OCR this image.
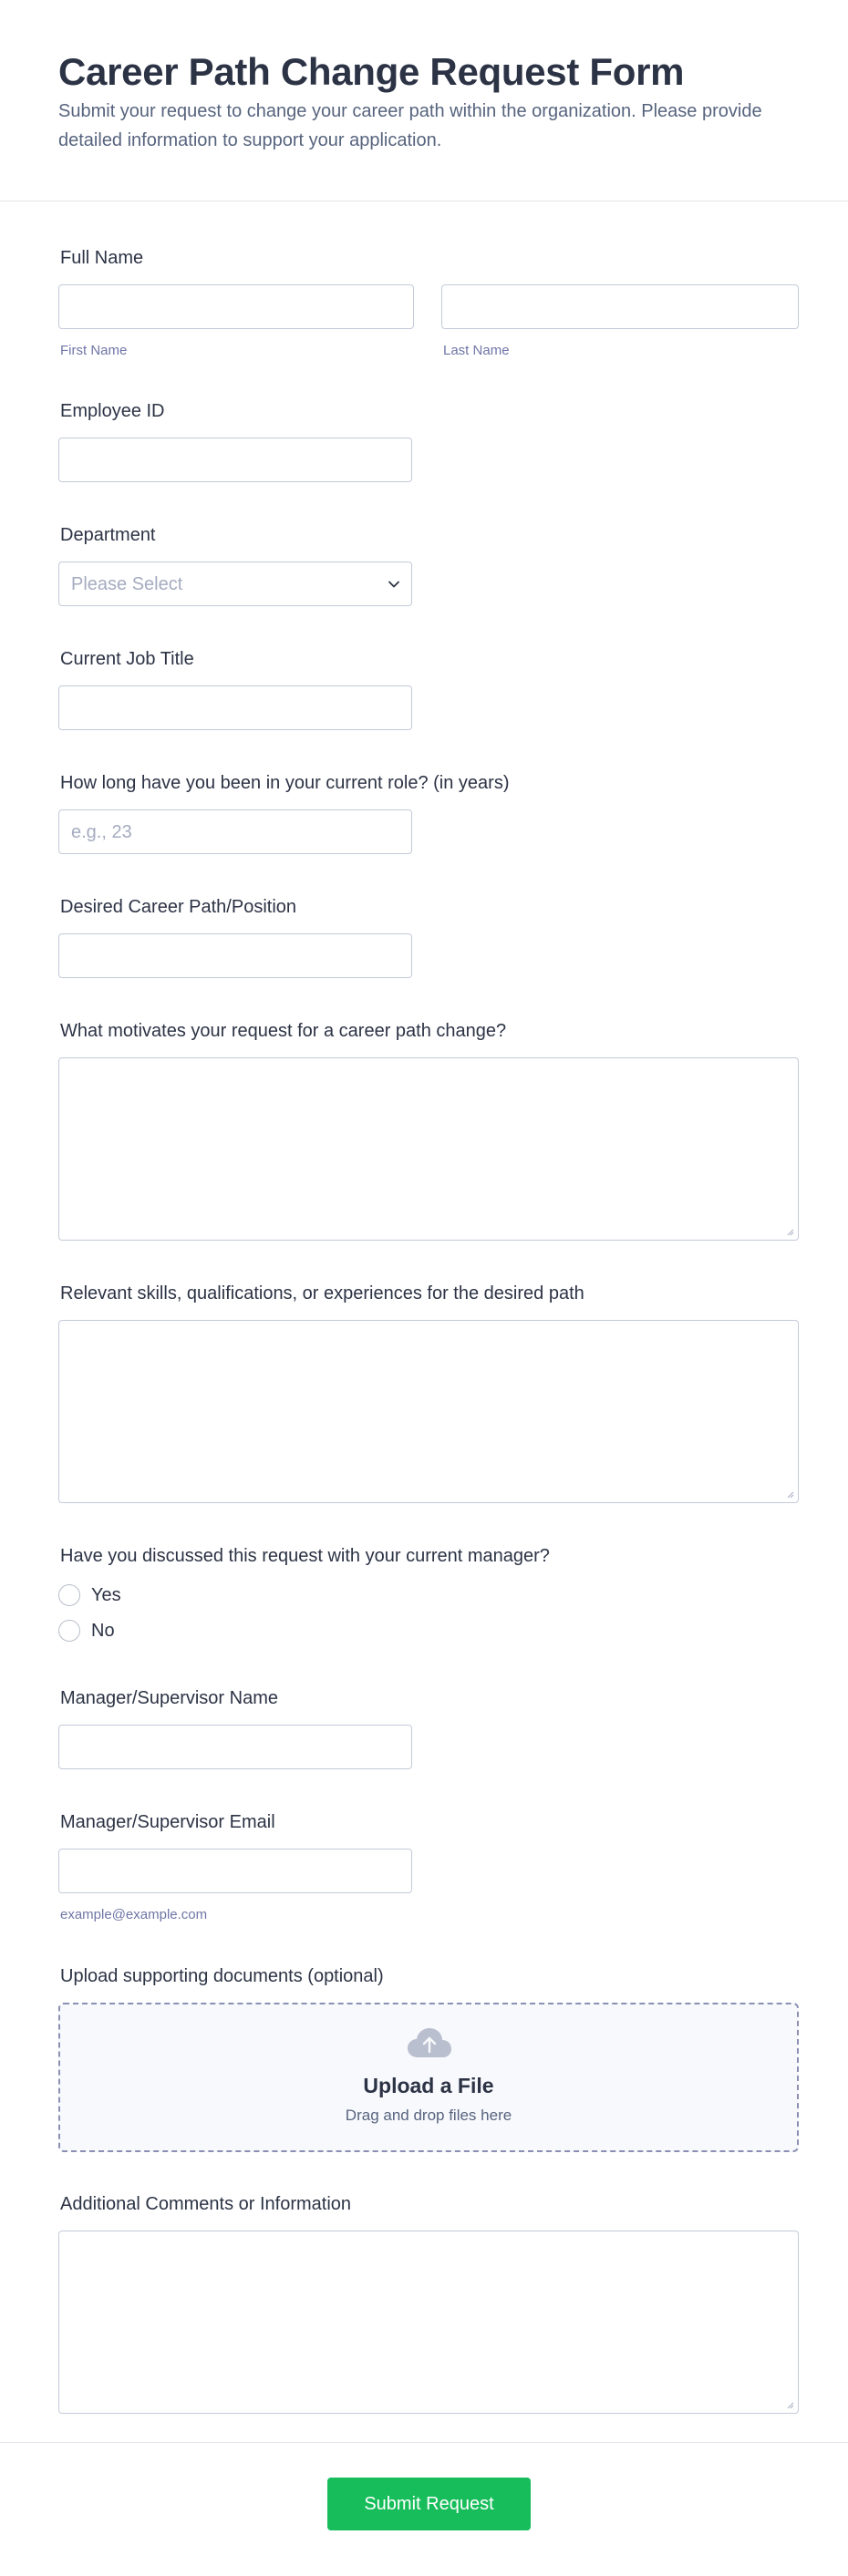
Career Path Change Request Form

Submit your request to change your career path within the organization. Please provide detailed information to support your application.

Full Name
First Name	Last Name
Employee ID
Department
Please Select
Current Job Title
How long have you been in your current role? (in years)
e.g., 23
Desired Career Path/Position
What motivates your request for a career path change?
Relevant skills, qualifications, or experiences for the desired path
Have you discussed this request with your current manager?
Yes
No
Manager/Supervisor Name
Manager/Supervisor Email
example@example.com
Upload supporting documents (optional)
Upload a File
Drag and drop files here
Additional Comments or Information
Submit Request
